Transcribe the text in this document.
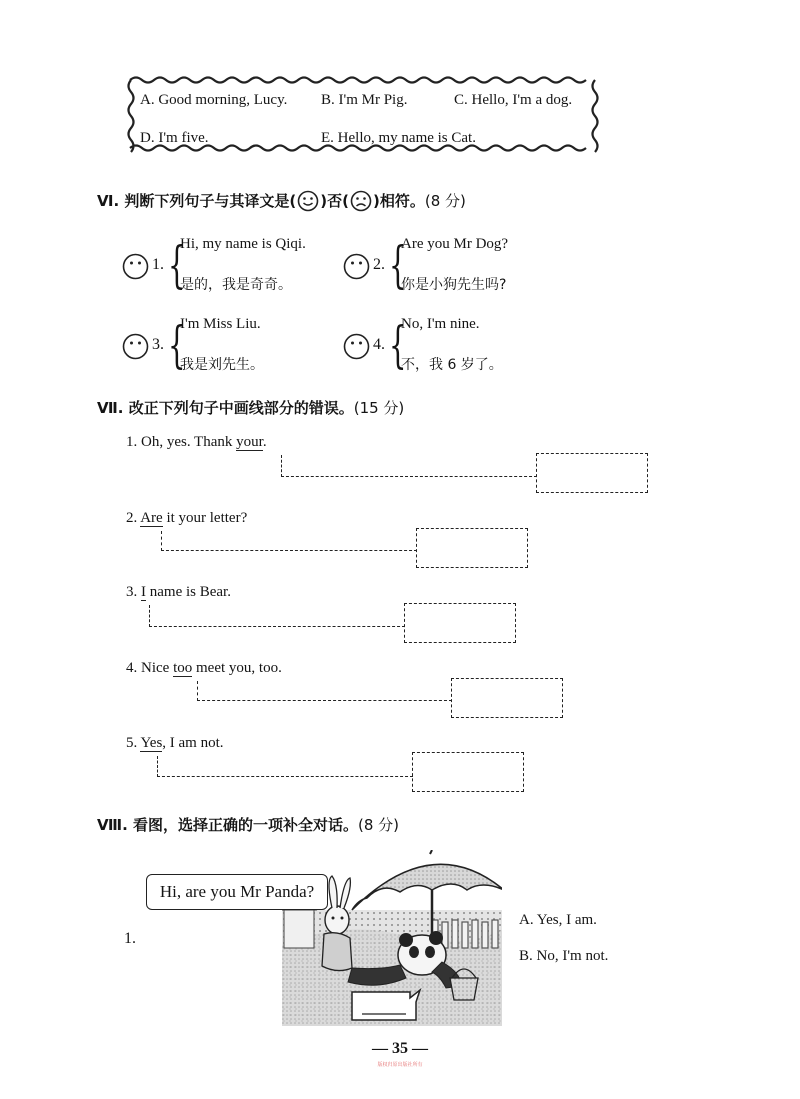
A. Good morning, Lucy. B. I'm Mr Pig.	C. Hello, I'm a dog.
D. I'm five.	E. Hello, my name is Cat.
Ⅵ. 判断下列句子与其译文是( )否( )相符。(8 分)
1. {
Hi, my name is Qiqi.
是的，我是奇奇。
2. {
Are you Mr Dog?
你是小狗先生吗?
3. {
I'm Miss Liu.
我是刘先生。
4. {
No, I'm nine.
不，我 6 岁了。
Ⅶ. 改正下列句子中画线部分的错误。(15 分)
1. Oh, yes. Thank your.
2. Are it your letter?
3. I name is Bear.
4. Nice too meet you, too.
5. Yes, I am not.
Ⅷ. 看图，选择正确的一项补全对话。(8 分)
1.
Hi, are you Mr Panda?
A. Yes, I am.
B. No, I'm not.
— 35 —
版权归原出版社所有
